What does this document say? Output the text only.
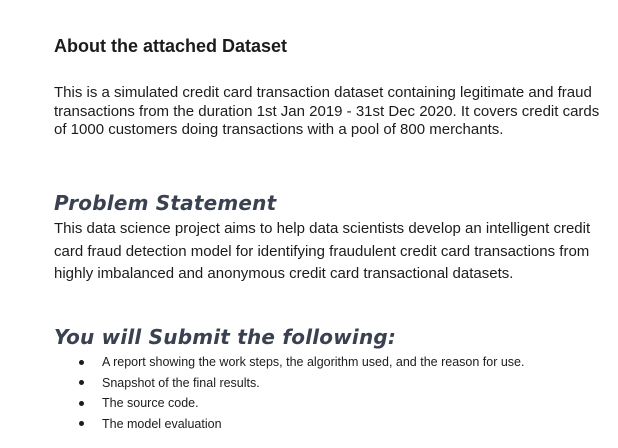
About the attached Dataset

This is a simulated credit card transaction dataset containing legitimate and fraud transactions from the duration 1st Jan 2019 - 31st Dec 2020. It covers credit cards of 1000 customers doing transactions with a pool of 800 merchants.

Problem Statement

This data science project aims to help data scientists develop an intelligent credit card fraud detection model for identifying fraudulent credit card transactions from highly imbalanced and anonymous credit card transactional datasets.

You will Submit the following:
A report showing the work steps, the algorithm used, and the reason for use.
Snapshot of the final results.
The source code.
The model evaluation
